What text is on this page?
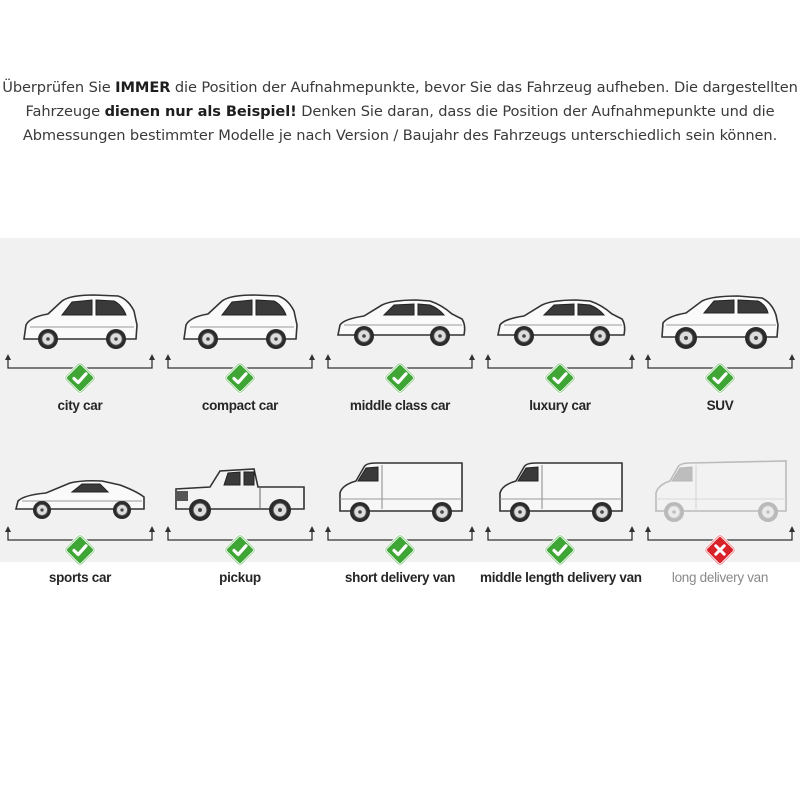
Überprüfen Sie IMMER die Position der Aufnahmepunkte, bevor Sie das Fahrzeug aufheben. Die dargestellten
Fahrzeuge dienen nur als Beispiel! Denken Sie daran, dass die Position der Aufnahmepunkte und die
Abmessungen bestimmter Modelle je nach Version / Baujahr des Fahrzeugs unterschiedlich sein können.
city car	compact car	middle class car	luxury car	SUV
sports car	pickup	short delivery van	middle length delivery van	long delivery van
